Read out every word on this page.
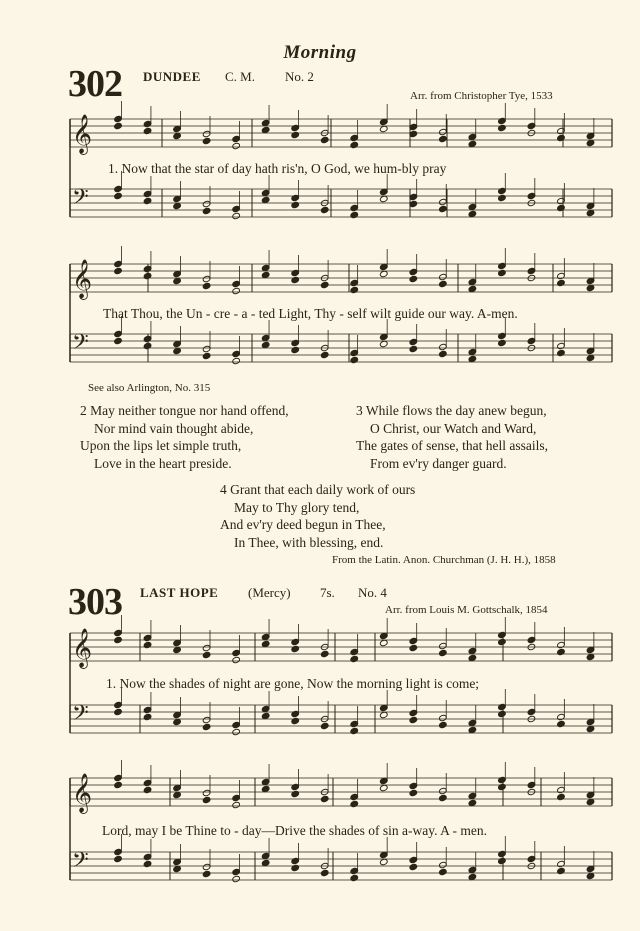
Morning
302 DUNDEE C. M. No. 2
Arr. from Christopher Tye, 1533
𝄞
𝄢
𝄞
𝄢
𝄞
𝄢
𝄞
𝄢
1. Now that the star of day hath ris'n, O God, we hum-bly pray
That Thou, the Un - cre - a - ted Light, Thy - self wilt guide our way. A-men.
See also Arlington, No. 315
2 May neither tongue nor hand offend,
Nor mind vain thought abide,
Upon the lips let simple truth,
Love in the heart preside.
3 While flows the day anew begun,
O Christ, our Watch and Ward,
The gates of sense, that hell assails,
From ev'ry danger guard.
4 Grant that each daily work of ours
May to Thy glory tend,
And ev'ry deed begun in Thee,
In Thee, with blessing, end.
From the Latin. Anon. Churchman (J. H. H.), 1858
303 LAST HOPE (Mercy) 7s. No. 4
Arr. from Louis M. Gottschalk, 1854
1. Now the shades of night are gone, Now the morning light is come;
Lord, may I be Thine to - day—Drive the shades of sin a-way. A - men.
